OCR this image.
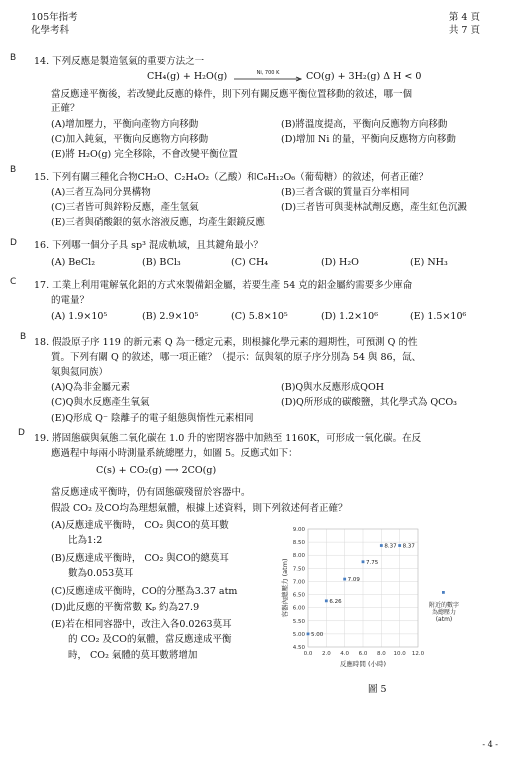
105年指考
化學考科
第 4 頁
共 7 頁
B 14. 下列反應是製造氫氣的重要方法之一
CH₄(g) + H₂O(g)	Ni, 700 K	CO(g) + 3H₂(g) Δ H < 0
當反應達平衡後，若改變此反應的條件，則下列有關反應平衡位置移動的敘述，哪一個
正確？
(A)增加壓力，平衡向產物方向移動	(B)將溫度提高，平衡向反應物方向移動
(C)加入鈍氣，平衡向反應物方向移動	(D)增加 Ni 的量，平衡向反應物方向移動
(E)將 H₂O(g) 完全移除，不會改變平衡位置
B
15. 下列有關三種化合物CH₂O、C₂H₄O₂（乙酸）和C₆H₁₂O₆（葡萄糖）的敘述，何者正確？
(A)三者互為同分異構物	(B)三者含碳的質量百分率相同
(C)三者皆可與鋅粉反應，產生氫氣	(D)三者皆可與斐林試劑反應，產生紅色沉澱
(E)三者與硝酸銀的氨水溶液反應，均產生銀鏡反應
D 16. 下列哪一個分子具 sp³ 混成軌域，且其鍵角最小？
(A) BeCl₂	(B) BCl₃	(C) CH₄	(D) H₂O	(E) NH₃
C 17. 工業上利用電解氧化鋁的方式來製備鋁金屬，若要生產 54 克的鋁金屬約需要多少庫侖
的電量？
(A) 1.9×10⁵	(B) 2.9×10⁵	(C) 5.8×10⁵	(D) 1.2×10⁶	(E) 1.5×10⁶
B 18. 假設原子序 119 的新元素 Q 為一穩定元素，則根據化學元素的週期性，可預測 Q 的性
質。下列有關 Q 的敘述，哪一項正確？（提示：氙與氡的原子序分別為 54 與 86，氙、
氡與氦同族）
(A)Q為非金屬元素	(B)Q與水反應形成QOH
(C)Q與水反應產生氧氣	(D)Q所形成的碳酸鹽，其化學式為 QCO₃
(E)Q形成 Q⁻ 陰離子的電子組態與惰性元素相同
D 19. 將固態碳與氣態二氧化碳在 1.0 升的密閉容器中加熱至 1160K，可形成一氧化碳。在反
應過程中每兩小時測量系統總壓力，如圖 5。反應式如下：
C(s) + CO₂(g) ⟶ 2CO(g)
當反應達成平衡時，仍有固態碳殘留於容器中。
假設 CO₂ 及CO均為理想氣體，根據上述資料，則下列敘述何者正確？
(A)反應達成平衡時， CO₂ 與CO的莫耳數
比為1:2
(B)反應達成平衡時， CO₂ 與CO的總莫耳
數為0.053莫耳
(C)反應達成平衡時，CO的分壓為3.37 atm
(D)此反應的平衡常數 Kₚ 約為27.9
(E)若在相同容器中，改注入各0.0263莫耳
的 CO₂ 及CO的氣體，當反應達成平衡
時， CO₂ 氣體的莫耳數將增加
4.50
5.00
5.50
6.00
6.50
7.00
7.50
8.00
8.50
9.00
0.0 2.0 4.0 6.0 8.0 10.0 12.0
反應時間 (小時)
容器內總壓力 (atm)
5.00
6.26
7.09
7.75
8.37 8.37
附近的數字
為總壓力
(atm)
圖 5
- 4 -
